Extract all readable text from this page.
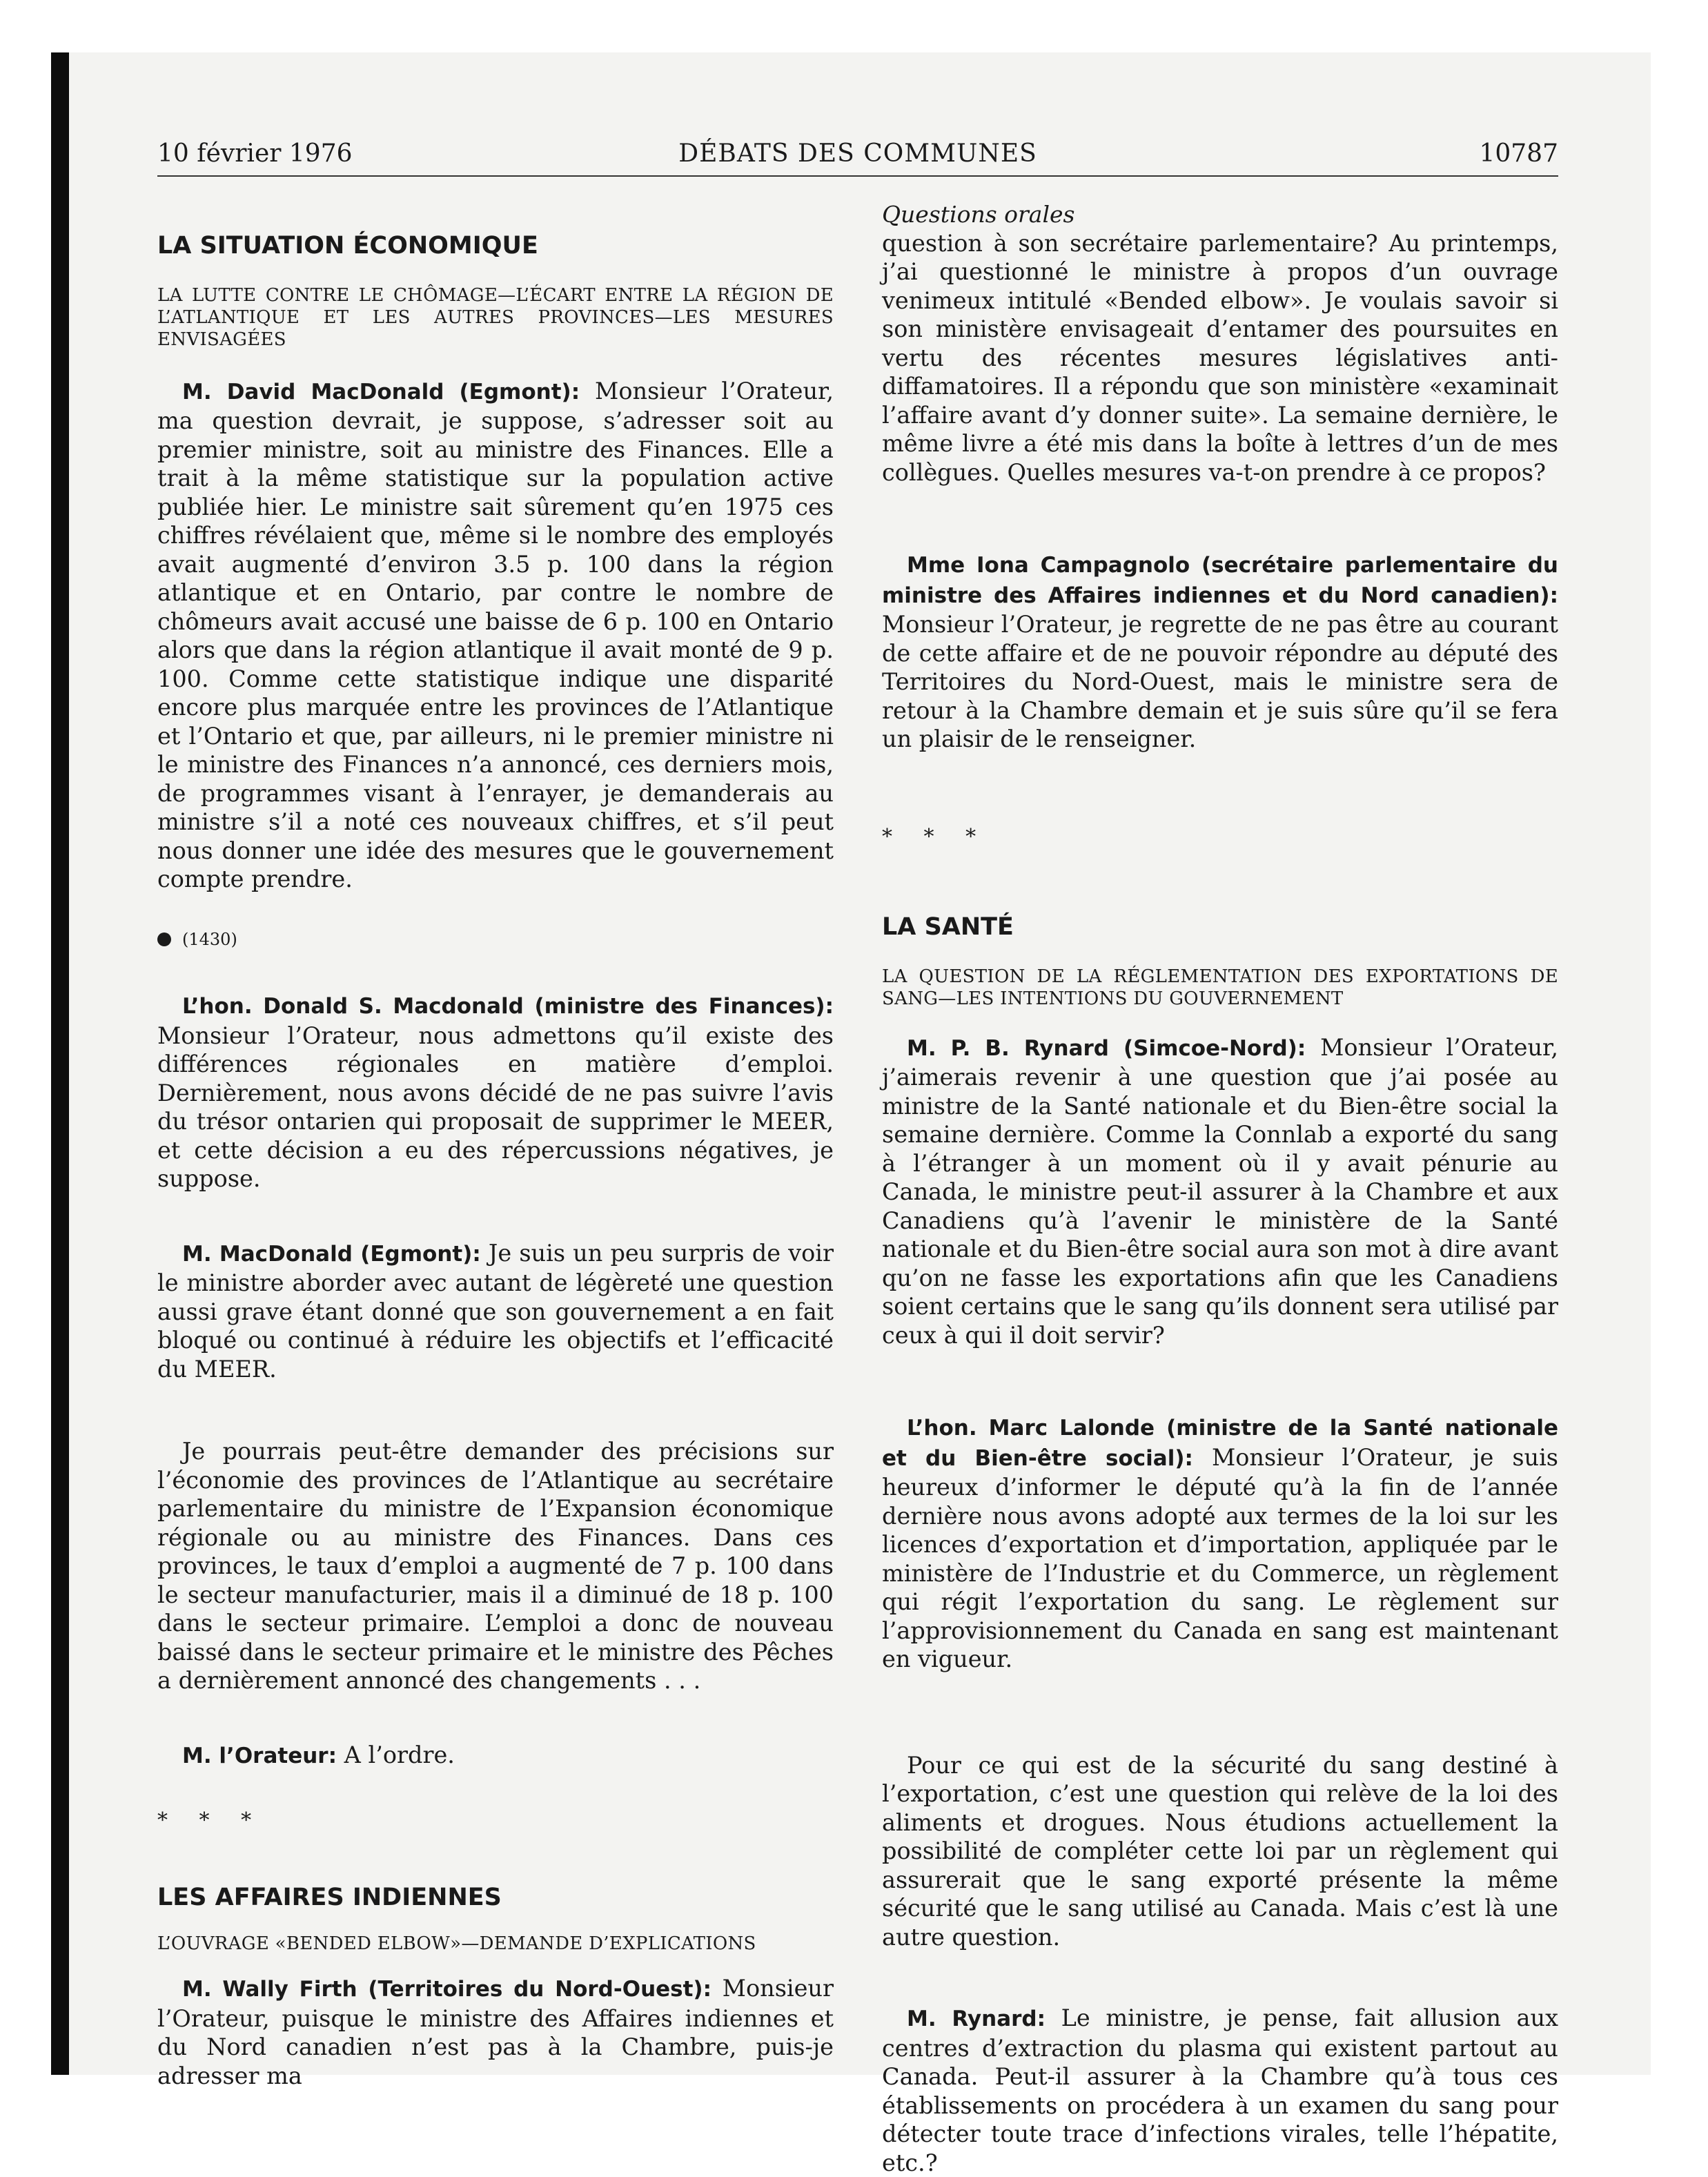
10 février 1976	DÉBATS DES COMMUNES	10787

LA SITUATION ÉCONOMIQUE

LA LUTTE CONTRE LE CHÔMAGE—L’ÉCART ENTRE LA RÉGION DE L’ATLANTIQUE ET LES AUTRES PROVINCES—LES MESURES ENVISAGÉES

M. David MacDonald (Egmont): Monsieur l’Orateur, ma question devrait, je suppose, s’adresser soit au premier ministre, soit au ministre des Finances. Elle a trait à la même statistique sur la population active publiée hier. Le ministre sait sûrement qu’en 1975 ces chiffres révélaient que, même si le nombre des employés avait augmenté d’environ 3.5 p. 100 dans la région atlantique et en Ontario, par contre le nombre de chômeurs avait accusé une baisse de 6 p. 100 en Ontario alors que dans la région atlantique il avait monté de 9 p. 100. Comme cette statistique indique une disparité encore plus marquée entre les provinces de l’Atlantique et l’Ontario et que, par ailleurs, ni le premier ministre ni le ministre des Finances n’a annoncé, ces derniers mois, de programmes visant à l’enrayer, je demanderais au ministre s’il a noté ces nouveaux chiffres, et s’il peut nous donner une idée des mesures que le gouvernement compte prendre.

(1430)

L’hon. Donald S. Macdonald (ministre des Finances): Monsieur l’Orateur, nous admettons qu’il existe des différences régionales en matière d’emploi. Dernièrement, nous avons décidé de ne pas suivre l’avis du trésor ontarien qui proposait de supprimer le MEER, et cette décision a eu des répercussions négatives, je suppose.

M. MacDonald (Egmont): Je suis un peu surpris de voir le ministre aborder avec autant de légèreté une question aussi grave étant donné que son gouvernement a en fait bloqué ou continué à réduire les objectifs et l’efficacité du MEER.

Je pourrais peut-être demander des précisions sur l’économie des provinces de l’Atlantique au secrétaire parlementaire du ministre de l’Expansion économique régionale ou au ministre des Finances. Dans ces provinces, le taux d’emploi a augmenté de 7 p. 100 dans le secteur manufacturier, mais il a diminué de 18 p. 100 dans le secteur primaire. L’emploi a donc de nouveau baissé dans le secteur primaire et le ministre des Pêches a dernièrement annoncé des changements . . .

M. l’Orateur: A l’ordre.

* * *

LES AFFAIRES INDIENNES

L’OUVRAGE «BENDED ELBOW»—DEMANDE D’EXPLICATIONS

M. Wally Firth (Territoires du Nord-Ouest): Monsieur l’Orateur, puisque le ministre des Affaires indiennes et du Nord canadien n’est pas à la Chambre, puis-je adresser ma

Questions orales

question à son secrétaire parlementaire? Au printemps, j’ai questionné le ministre à propos d’un ouvrage venimeux intitulé «Bended elbow». Je voulais savoir si son ministère envisageait d’entamer des poursuites en vertu des récentes mesures législatives anti-diffamatoires. Il a répondu que son ministère «examinait l’affaire avant d’y donner suite». La semaine dernière, le même livre a été mis dans la boîte à lettres d’un de mes collègues. Quelles mesures va-t-on prendre à ce propos?

Mme Iona Campagnolo (secrétaire parlementaire du ministre des Affaires indiennes et du Nord canadien): Monsieur l’Orateur, je regrette de ne pas être au courant de cette affaire et de ne pouvoir répondre au député des Territoires du Nord-Ouest, mais le ministre sera de retour à la Chambre demain et je suis sûre qu’il se fera un plaisir de le renseigner.

* * *

LA SANTÉ

LA QUESTION DE LA RÉGLEMENTATION DES EXPORTATIONS DE SANG—LES INTENTIONS DU GOUVERNEMENT

M. P. B. Rynard (Simcoe-Nord): Monsieur l’Orateur, j’aimerais revenir à une question que j’ai posée au ministre de la Santé nationale et du Bien-être social la semaine dernière. Comme la Connlab a exporté du sang à l’étranger à un moment où il y avait pénurie au Canada, le ministre peut-il assurer à la Chambre et aux Canadiens qu’à l’avenir le ministère de la Santé nationale et du Bien-être social aura son mot à dire avant qu’on ne fasse les exportations afin que les Canadiens soient certains que le sang qu’ils donnent sera utilisé par ceux à qui il doit servir?

L’hon. Marc Lalonde (ministre de la Santé nationale et du Bien-être social): Monsieur l’Orateur, je suis heureux d’informer le député qu’à la fin de l’année dernière nous avons adopté aux termes de la loi sur les licences d’exportation et d’importation, appliquée par le ministère de l’Industrie et du Commerce, un règlement qui régit l’exportation du sang. Le règlement sur l’approvisionnement du Canada en sang est maintenant en vigueur.

Pour ce qui est de la sécurité du sang destiné à l’exportation, c’est une question qui relève de la loi des aliments et drogues. Nous étudions actuellement la possibilité de compléter cette loi par un règlement qui assurerait que le sang exporté présente la même sécurité que le sang utilisé au Canada. Mais c’est là une autre question.

M. Rynard: Le ministre, je pense, fait allusion aux centres d’extraction du plasma qui existent partout au Canada. Peut-il assurer à la Chambre qu’à tous ces établissements on procédera à un examen du sang pour détecter toute trace d’infections virales, telle l’hépatite, etc.?
